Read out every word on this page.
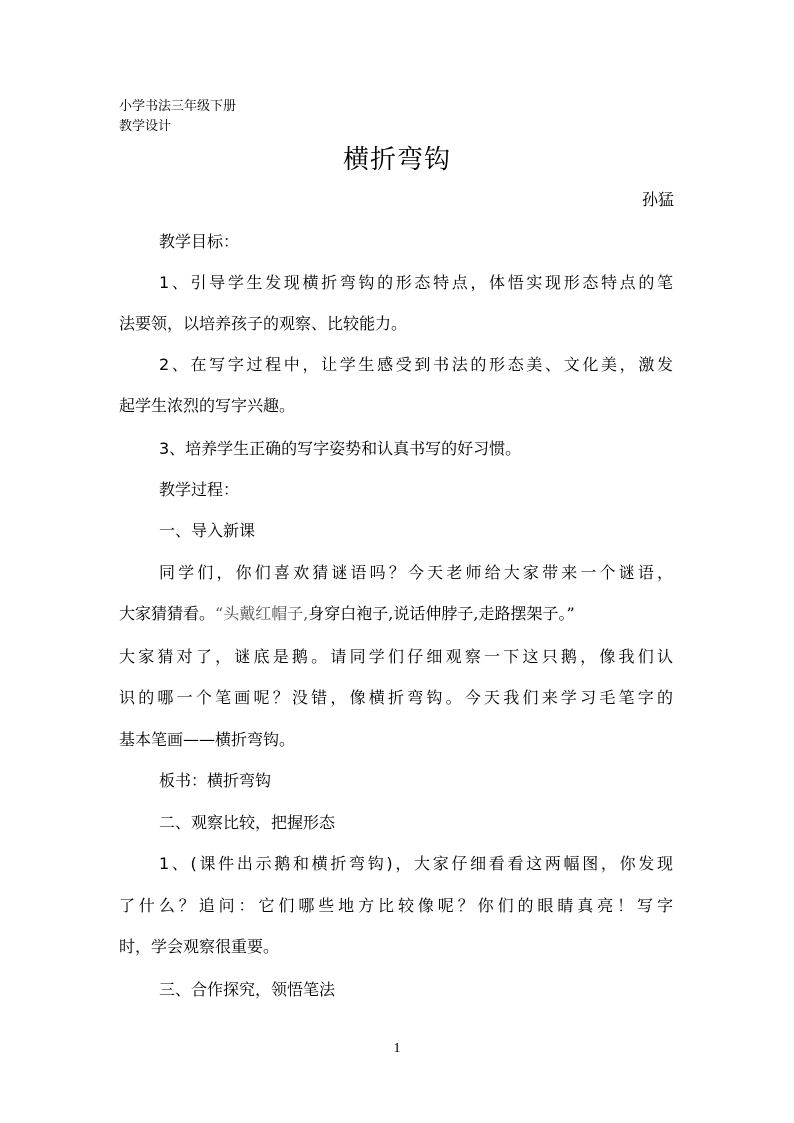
小学书法三年级下册
教学设计
横折弯钩
孙猛
教学目标：
1、引导学生发现横折弯钩的形态特点，体悟实现形态特点的笔
法要领，以培养孩子的观察、比较能力。
2、在写字过程中，让学生感受到书法的形态美、文化美，激发
起学生浓烈的写字兴趣。
3、培养学生正确的写字姿势和认真书写的好习惯。
教学过程：
一、导入新课
同学们，你们喜欢猜谜语吗？今天老师给大家带来一个谜语，
大家猜猜看。“头戴红帽子,身穿白袍子,说话伸脖子,走路摆架子。”
大家猜对了，谜底是鹅。请同学们仔细观察一下这只鹅，像我们认
识的哪一个笔画呢？没错，像横折弯钩。今天我们来学习毛笔字的
基本笔画——横折弯钩。
板书：横折弯钩
二、观察比较，把握形态
1、(课件出示鹅和横折弯钩)，大家仔细看看这两幅图，你发现
了什么？追问：它们哪些地方比较像呢？你们的眼睛真亮！写字
时，学会观察很重要。
三、合作探究，领悟笔法
1
